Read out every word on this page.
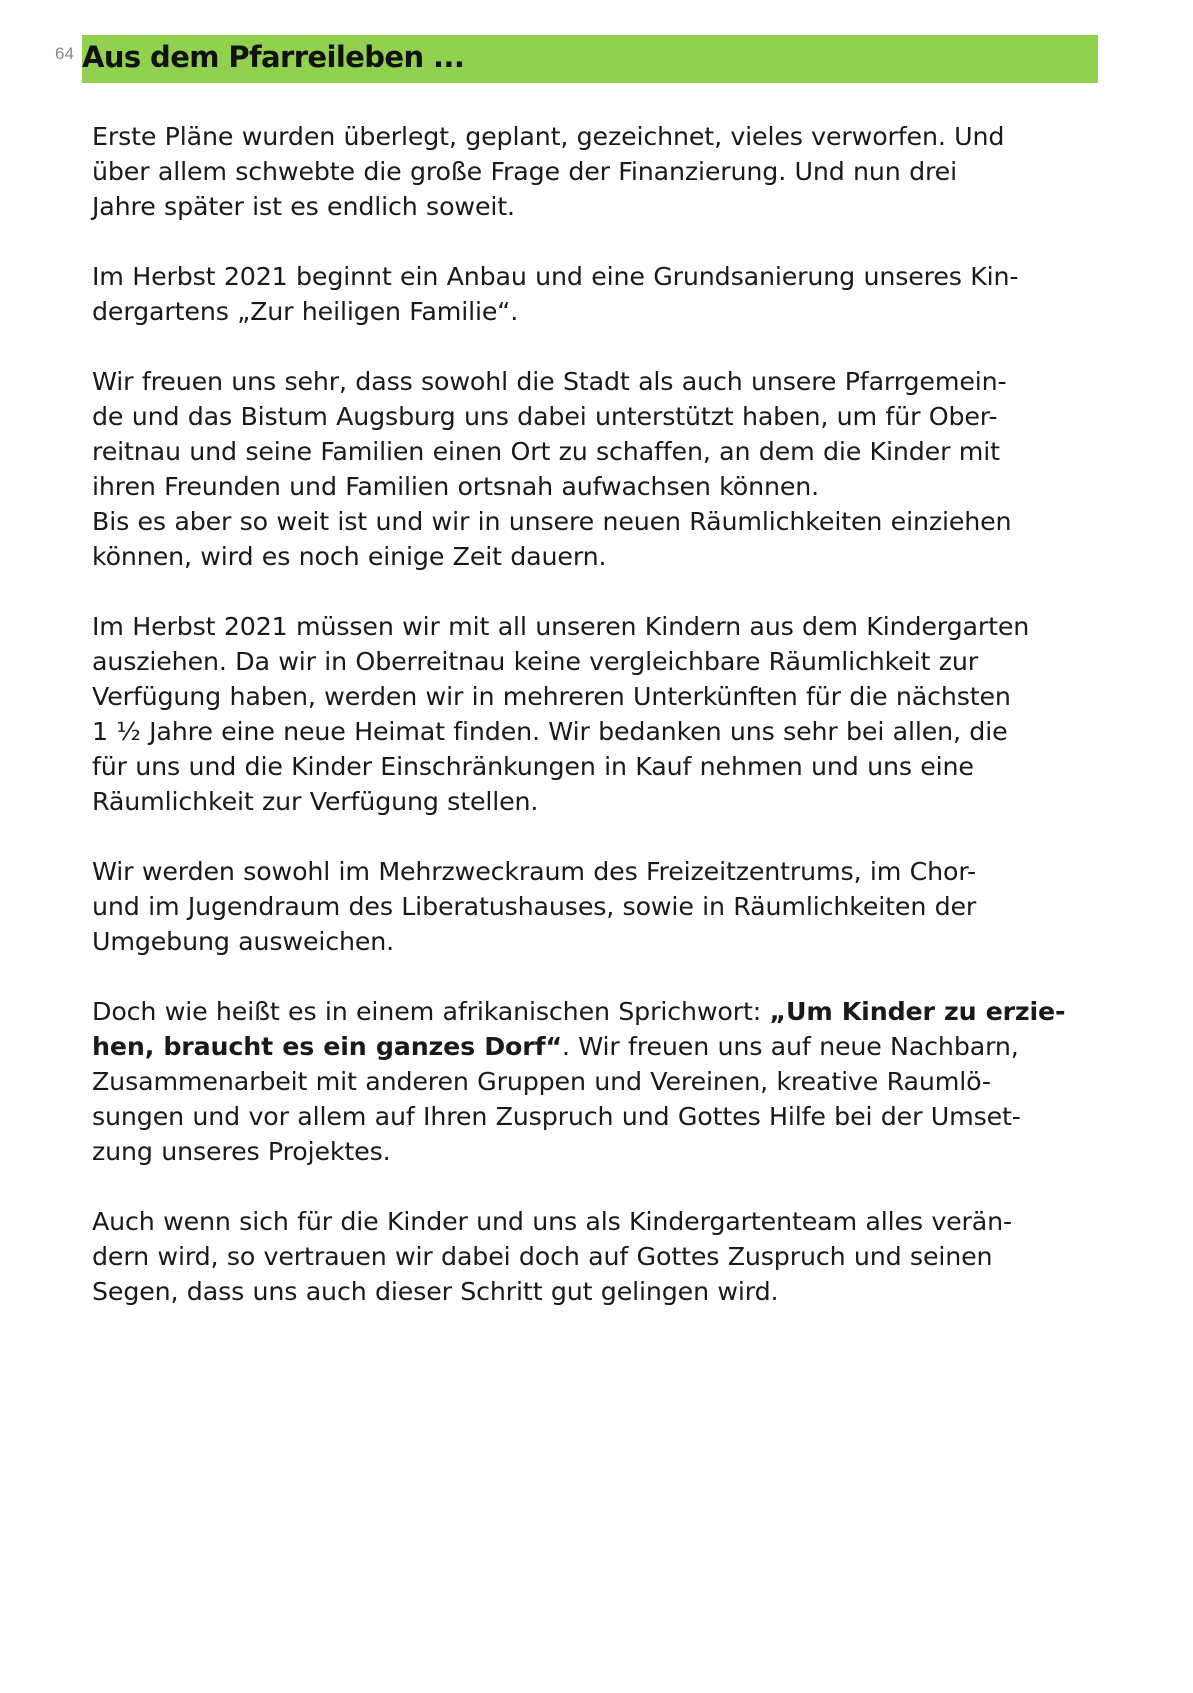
64 Aus dem Pfarreileben ...

Erste Pläne wurden überlegt, geplant, gezeichnet, vieles verworfen. Und
über allem schwebte die große Frage der Finanzierung. Und nun drei
Jahre später ist es endlich soweit.

Im Herbst 2021 beginnt ein Anbau und eine Grundsanierung unseres Kin-
dergartens „Zur heiligen Familie“.

Wir freuen uns sehr, dass sowohl die Stadt als auch unsere Pfarrgemein-
de und das Bistum Augsburg uns dabei unterstützt haben, um für Ober-
reitnau und seine Familien einen Ort zu schaffen, an dem die Kinder mit
ihren Freunden und Familien ortsnah aufwachsen können.
Bis es aber so weit ist und wir in unsere neuen Räumlichkeiten einziehen
können, wird es noch einige Zeit dauern.

Im Herbst 2021 müssen wir mit all unseren Kindern aus dem Kindergarten
ausziehen. Da wir in Oberreitnau keine vergleichbare Räumlichkeit zur
Verfügung haben, werden wir in mehreren Unterkünften für die nächsten
1 ½ Jahre eine neue Heimat finden. Wir bedanken uns sehr bei allen, die
für uns und die Kinder Einschränkungen in Kauf nehmen und uns eine
Räumlichkeit zur Verfügung stellen.

Wir werden sowohl im Mehrzweckraum des Freizeitzentrums, im Chor-
und im Jugendraum des Liberatushauses, sowie in Räumlichkeiten der
Umgebung ausweichen.

Doch wie heißt es in einem afrikanischen Sprichwort: „Um Kinder zu erzie-
hen, braucht es ein ganzes Dorf“. Wir freuen uns auf neue Nachbarn,
Zusammenarbeit mit anderen Gruppen und Vereinen, kreative Raumlö-
sungen und vor allem auf Ihren Zuspruch und Gottes Hilfe bei der Umset-
zung unseres Projektes.

Auch wenn sich für die Kinder und uns als Kindergartenteam alles verän-
dern wird, so vertrauen wir dabei doch auf Gottes Zuspruch und seinen
Segen, dass uns auch dieser Schritt gut gelingen wird.
